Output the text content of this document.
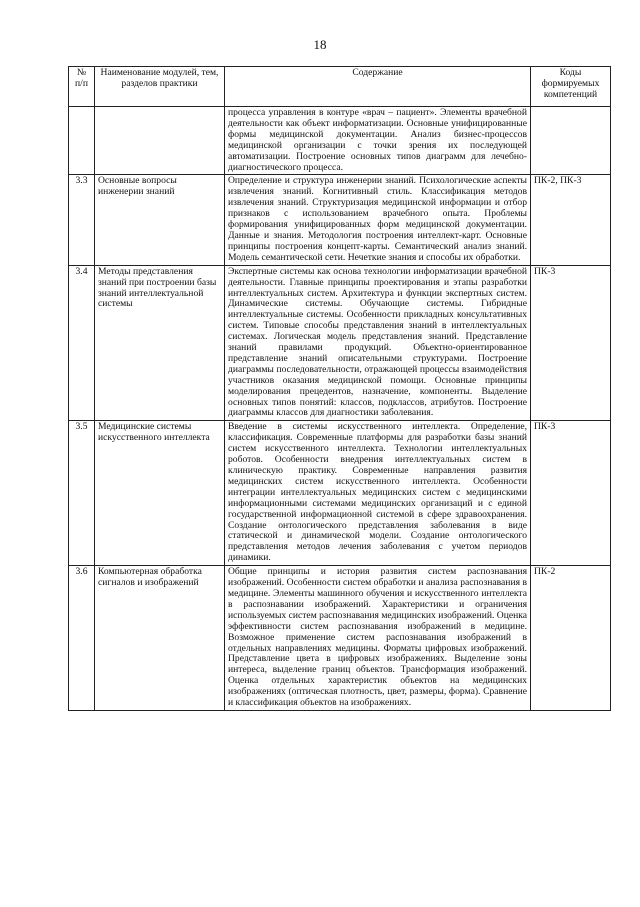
18
№ п/п	Наименование модулей, тем, разделов практики	Содержание	Коды формируемых компетенций
		процесса управления в контуре «врач – пациент». Элементы врачебной деятельности как объект информатизации. Основные унифицированные формы медицинской документации. Анализ бизнес-процессов медицинской организации с точки зрения их последующей автоматизации. Построение основных типов диаграмм для лечебно-диагностического процесса.	
3.3	Основные вопросы инженерии знаний	Определение и структура инженерии знаний. Психологические аспекты извлечения знаний. Когнитивный стиль. Классификация методов извлечения знаний. Структуризация медицинской информации и отбор признаков с использованием врачебного опыта. Проблемы формирования унифицированных форм медицинской документации. Данные и знания. Методология построения интеллект-карт. Основные принципы построения концепт-карты. Семантический анализ знаний. Модель семантической сети. Нечеткие знания и способы их обработки.	ПК-2, ПК-3
3.4	Методы представления знаний при построении базы знаний интеллектуальной системы	Экспертные системы как основа технологии информатизации врачебной деятельности. Главные принципы проектирования и этапы разработки интеллектуальных систем. Архитектура и функции экспертных систем. Динамические системы. Обучающие системы. Гибридные интеллектуальные системы. Особенности прикладных консультативных систем. Типовые способы представления знаний в интеллектуальных системах. Логическая модель представления знаний. Представление знаний правилами продукций. Объектно-ориентированное представление знаний описательными структурами. Построение диаграммы последовательности, отражающей процессы взаимодействия участников оказания медицинской помощи. Основные принципы моделирования прецедентов, назначение, компоненты. Выделение основных типов понятий: классов, подклассов, атрибутов. Построение диаграммы классов для диагностики заболевания.	ПК-3
3.5	Медицинские системы искусственного интеллекта	Введение в системы искусственного интеллекта. Определение, классификация. Современные платформы для разработки базы знаний систем искусственного интеллекта. Технологии интеллектуальных роботов. Особенности внедрения интеллектуальных систем в клиническую практику. Современные направления развития медицинских систем искусственного интеллекта. Особенности интеграции интеллектуальных медицинских систем с медицинскими информационными системами медицинских организаций и с единой государственной информационной системой в сфере здравоохранения. Создание онтологического представления заболевания в виде статической и динамической модели. Создание онтологического представления методов лечения заболевания с учетом периодов динамики.	ПК-3
3.6	Компьютерная обработка сигналов и изображений	Общие принципы и история развития систем распознавания изображений. Особенности систем обработки и анализа распознавания в медицине. Элементы машинного обучения и искусственного интеллекта в распознавании изображений. Характеристики и ограничения используемых систем распознавания медицинских изображений. Оценка эффективности систем распознавания изображений в медицине. Возможное применение систем распознавания изображений в отдельных направлениях медицины. Форматы цифровых изображений. Представление цвета в цифровых изображениях. Выделение зоны интереса, выделение границ объектов. Трансформация изображений. Оценка отдельных характеристик объектов на медицинских изображениях (оптическая плотность, цвет, размеры, форма). Сравнение и классификация объектов на изображениях.	ПК-2
